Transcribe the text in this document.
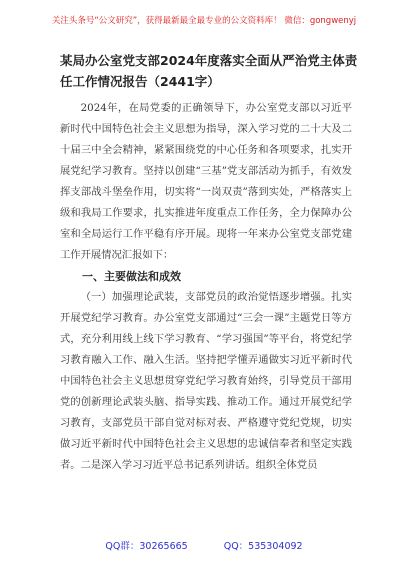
关注头条号“公文研究”，获得最新最全最专业的公文资料库！ 微信：gongwenyj
某局办公室党支部2024年度落实全面从严治党主体责任工作情况报告（2441字）

2024年，在局党委的正确领导下，办公室党支部以习近平新时代中国特色社会主义思想为指导，深入学习党的二十大及二十届三中全会精神，紧紧围绕党的中心任务和各项要求，扎实开展党纪学习教育。坚持以创建“三基”党支部活动为抓手，有效发挥支部战斗堡垒作用，切实将“一岗双责”落到实处，严格落实上级和我局工作要求，扎实推进年度重点工作任务，全力保障办公室和全局运行工作平稳有序开展。现将一年来办公室党支部党建工作开展情况汇报如下：

一、主要做法和成效

（一）加强理论武装，支部党员的政治觉悟逐步增强。扎实开展党纪学习教育。办公室党支部通过“三会一课”主题党日等方式，充分利用线上线下学习教育、“学习强国”等平台，将党纪学习教育融入工作、融入生活。坚持把学懂弄通做实习近平新时代中国特色社会主义思想贯穿党纪学习教育始终，引导党员干部用党的创新理论武装头脑、指导实践、推动工作。通过开展党纪学习教育，支部党员干部自觉对标对表、严格遵守党纪党规，切实做习近平新时代中国特色社会主义思想的忠诚信奉者和坚定实践者。二是深入学习习近平总书记系列讲话。组织全体党员

QQ群：30265665	QQ：535304092
